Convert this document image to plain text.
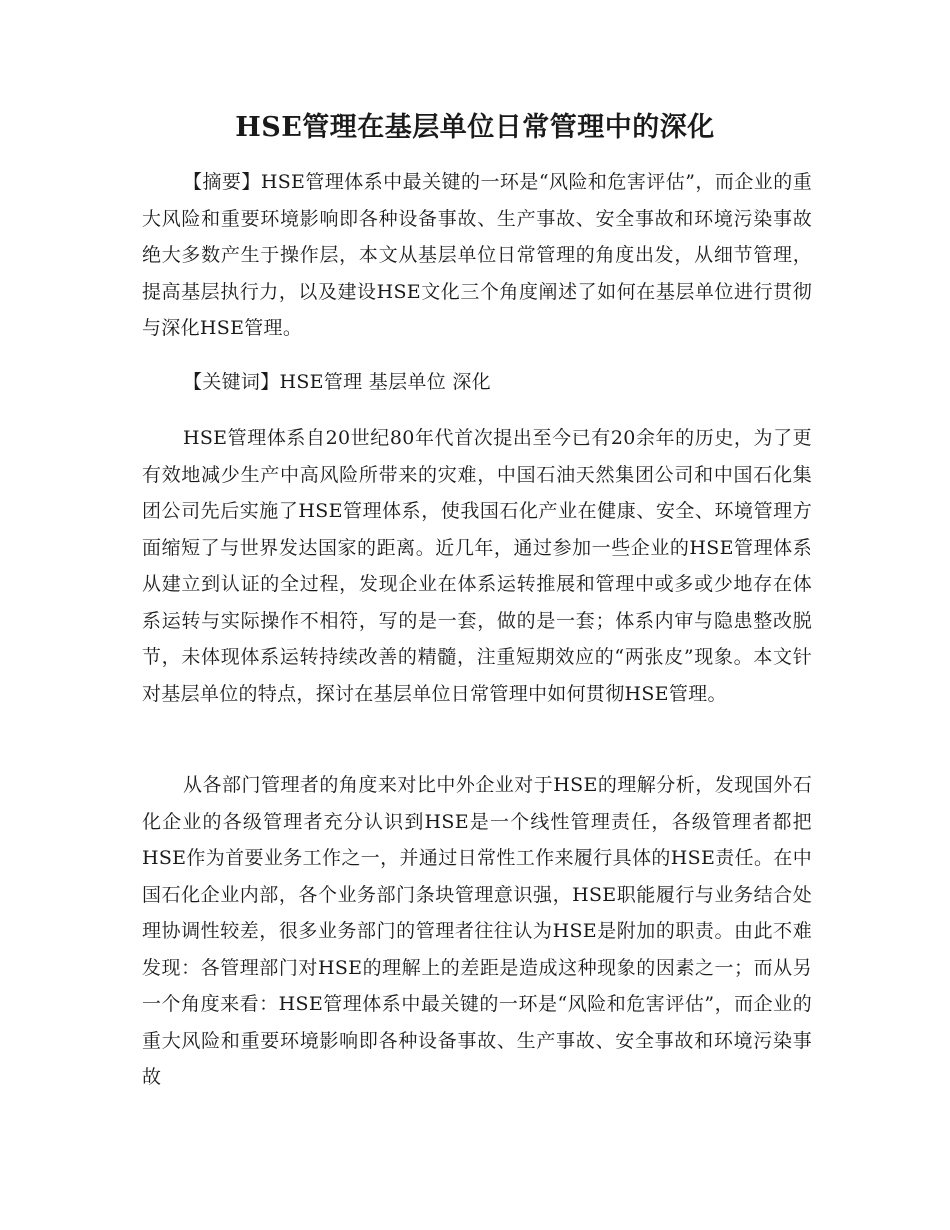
HSE管理在基层单位日常管理中的深化

【摘要】HSE管理体系中最关键的一环是“风险和危害评估”，而企业的重大风险和重要环境影响即各种设备事故、生产事故、安全事故和环境污染事故绝大多数产生于操作层，本文从基层单位日常管理的角度出发，从细节管理，提高基层执行力，以及建设HSE文化三个角度阐述了如何在基层单位进行贯彻与深化HSE管理。

【关键词】HSE管理 基层单位 深化

HSE管理体系自20世纪80年代首次提出至今已有20余年的历史，为了更有效地减少生产中高风险所带来的灾难，中国石油天然集团公司和中国石化集团公司先后实施了HSE管理体系，使我国石化产业在健康、安全、环境管理方面缩短了与世界发达国家的距离。近几年，通过参加一些企业的HSE管理体系从建立到认证的全过程，发现企业在体系运转推展和管理中或多或少地存在体系运转与实际操作不相符，写的是一套，做的是一套；体系内审与隐患整改脱节，未体现体系运转持续改善的精髓，注重短期效应的“两张皮”现象。本文针对基层单位的特点，探讨在基层单位日常管理中如何贯彻HSE管理。

从各部门管理者的角度来对比中外企业对于HSE的理解分析，发现国外石化企业的各级管理者充分认识到HSE是一个线性管理责任，各级管理者都把HSE作为首要业务工作之一，并通过日常性工作来履行具体的HSE责任。在中国石化企业内部，各个业务部门条块管理意识强，HSE职能履行与业务结合处理协调性较差，很多业务部门的管理者往往认为HSE是附加的职责。由此不难发现：各管理部门对HSE的理解上的差距是造成这种现象的因素之一；而从另一个角度来看：HSE管理体系中最关键的一环是“风险和危害评估”，而企业的重大风险和重要环境影响即各种设备事故、生产事故、安全事故和环境污染事故
